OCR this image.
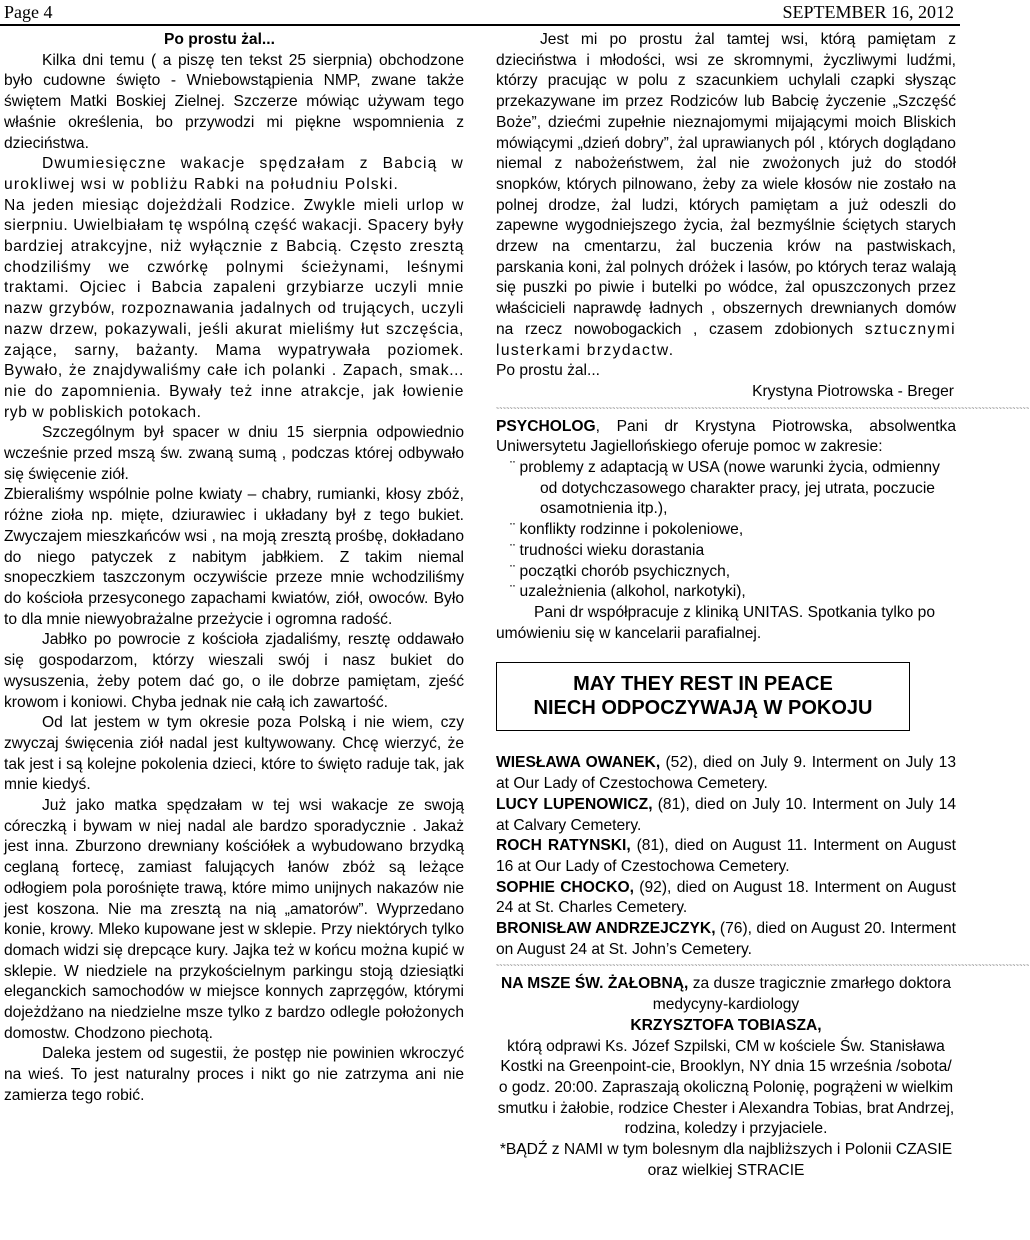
Page 4	SEPTEMBER 16, 2012

Po prostu żal...

Kilka dni temu ( a piszę ten tekst 25 sierpnia) obchodzone było cudowne święto - Wniebowstąpienia NMP, zwane także świętem Matki Boskiej Zielnej. Szczerze mówiąc używam tego właśnie określenia, bo przywodzi mi piękne wspomnienia z dzieciństwa.

Dwumiesięczne wakacje spędzałam z Babcią w urokliwej wsi w pobliżu Rabki na południu Polski.

Na jeden miesiąc dojeżdżali Rodzice. Zwykle mieli urlop w sierpniu. Uwielbiałam tę wspólną część wakacji. Spacery były bardziej atrakcyjne, niż wyłącznie z Babcią. Często zresztą chodziliśmy we czwórkę polnymi ścieżynami, leśnymi traktami. Ojciec i Babcia zapaleni grzybiarze uczyli mnie nazw grzybów, rozpoznawania jadalnych od trujących, uczyli nazw drzew, pokazywali, jeśli akurat mieliśmy łut szczęścia, zające, sarny, bażanty. Mama wypatrywała poziomek. Bywało, że znajdywaliśmy całe ich polanki . Zapach, smak... nie do zapomnienia. Bywały też inne atrakcje, jak łowienie ryb w pobliskich potokach.

Szczególnym był spacer w dniu 15 sierpnia odpowiednio wcześnie przed mszą św. zwaną sumą , podczas której odbywało się święcenie ziół.

Zbieraliśmy wspólnie polne kwiaty – chabry, rumianki, kłosy zbóż, różne zioła np. mięte, dziurawiec i układany był z tego bukiet. Zwyczajem mieszkańców wsi , na moją zresztą prośbę, dokładano do niego patyczek z nabitym jabłkiem. Z takim niemal snopeczkiem taszczonym oczywiście przeze mnie wchodziliśmy do kościoła przesyconego zapachami kwiatów, ziół, owoców. Było to dla mnie niewyobrażalne przeżycie i ogromna radość.

Jabłko po powrocie z kościoła zjadaliśmy, resztę oddawało się gospodarzom, którzy wieszali swój i nasz bukiet do wysuszenia, żeby potem dać go, o ile dobrze pamiętam, zjeść krowom i koniowi. Chyba jednak nie całą ich zawartość.

Od lat jestem w tym okresie poza Polską i nie wiem, czy zwyczaj święcenia ziół nadal jest kultywowany. Chcę wierzyć, że tak jest i są kolejne pokolenia dzieci, które to święto raduje tak, jak mnie kiedyś.

Już jako matka spędzałam w tej wsi wakacje ze swoją córeczką i bywam w niej nadal ale bardzo sporadycznie . Jakaż jest inna. Zburzono drewniany kościółek a wybudowano brzydką ceglaną fortecę, zamiast falujących łanów zbóż są leżące odłogiem pola porośnięte trawą, które mimo unijnych nakazów nie jest koszona. Nie ma zresztą na nią „amatorów”. Wyprzedano konie, krowy. Mleko kupowane jest w sklepie. Przy niektórych tylko domach widzi się drepcące kury. Jajka też w końcu można kupić w sklepie. W niedziele na przykościelnym parkingu stoją dziesiątki eleganckich samochodów w miejsce konnych zaprzęgów, którymi dojeżdżano na niedzielne msze tylko z bardzo odlegle położonych domostw. Chodzono piechotą.

Daleka jestem od sugestii, że postęp nie powinien wkroczyć na wieś. To jest naturalny proces i nikt go nie zatrzyma ani nie zamierza tego robić.

Jest mi po prostu żal tamtej wsi, którą pamiętam z dzieciństwa i młodości, wsi ze skromnymi, życzliwymi ludźmi, którzy pracując w polu z szacunkiem uchylali czapki słysząc przekazywane im przez Rodziców lub Babcię życzenie „Szczęść Boże”, dziećmi zupełnie nieznajomymi mijającymi moich Bliskich mówiącymi „dzień dobry”, żal uprawianych pól , których doglądano niemal z nabożeństwem, żal nie zwożonych już do stodół snopków, których pilnowano, żeby za wiele kłosów nie zostało na polnej drodze, żal ludzi, których pamiętam a już odeszli do zapewne wygodniejszego życia, żal bezmyślnie ściętych starych drzew na cmentarzu, żal buczenia krów na pastwiskach, parskania koni, żal polnych dróżek i lasów, po których teraz walają się puszki po piwie i butelki po wódce, żal opuszczonych przez właścicieli naprawdę ładnych , obszernych drewnianych domów na rzecz nowobogackich , czasem zdobionych sztucznymi lusterkami brzydactw.

Po prostu żal...

Krystyna Piotrowska - Breger

~~~~~~~~~~~~~~~~~~~~~~~~~~~~~~~~~~~~~~~~~~~~~~~~~~~~~~~~~~~~~~~~~~~~~~~~~~~~~~~~~~~~~~~~~~~~~~~~~~~~~~~~~~~~~~~~~~~~~~~~~~~~~~~~~~~~~~~~~~~~~~~~~~~~~~~~~~~~

PSYCHOLOG, Pani dr Krystyna Piotrowska, absolwentka Uniwersytetu Jagiellońskiego oferuje pomoc w zakresie:

¨ problemy z adaptacją w USA (nowe warunki życia, odmienny od dotychczasowego charakter pracy, jej utrata, poczucie osamotnienia itp.),

¨ konflikty rodzinne i pokoleniowe,

¨ trudności wieku dorastania

¨ początki chorób psychicznych,

¨ uzależnienia (alkohol, narkotyki),

Pani dr współpracuje z kliniką UNITAS. Spotkania tylko po umówieniu się w kancelarii parafialnej.

MAY THEY REST IN PEACE

NIECH ODPOCZYWAJĄ W POKOJU

WIESŁAWA OWANEK, (52), died on July 9. Interment on July 13 at Our Lady of Czestochowa Cemetery.

LUCY LUPENOWICZ, (81), died on July 10. Interment on July 14 at Calvary Cemetery.

ROCH RATYNSKI, (81), died on August 11. Interment on August 16 at Our Lady of Czestochowa Cemetery.

SOPHIE CHOCKO, (92), died on August 18. Interment on August 24 at St. Charles Cemetery.

BRONISŁAW ANDRZEJCZYK, (76), died on August 20. Interment on August 24 at St. John’s Cemetery.

~~~~~~~~~~~~~~~~~~~~~~~~~~~~~~~~~~~~~~~~~~~~~~~~~~~~~~~~~~~~~~~~~~~~~~~~~~~~~~~~~~~~~~~~~~~~~~~~~~~~~~~~~~~~~~~~~~~~~~~~~~~~~~~~~~~~~~~~~~~~~~~~~~~~~~~~~~~~

NA MSZE ŚW. ŻAŁOBNĄ, za dusze tragicznie zmarłego doktora medycyny-kardiology

KRZYSZTOFA TOBIASZA,

którą odprawi Ks. Józef Szpilski, CM w kościele Św. Stanisława Kostki na Greenpoint-cie, Brooklyn, NY dnia 15 września /sobota/ o godz. 20:00. Zapraszają okoliczną Polonię, pogrążeni w wielkim smutku i żałobie, rodzice Chester i Alexandra Tobias, brat Andrzej, rodzina, koledzy i przyjaciele.

*BĄDŹ z NAMI w tym bolesnym dla najbliższych i Polonii CZASIE oraz wielkiej STRACIE
